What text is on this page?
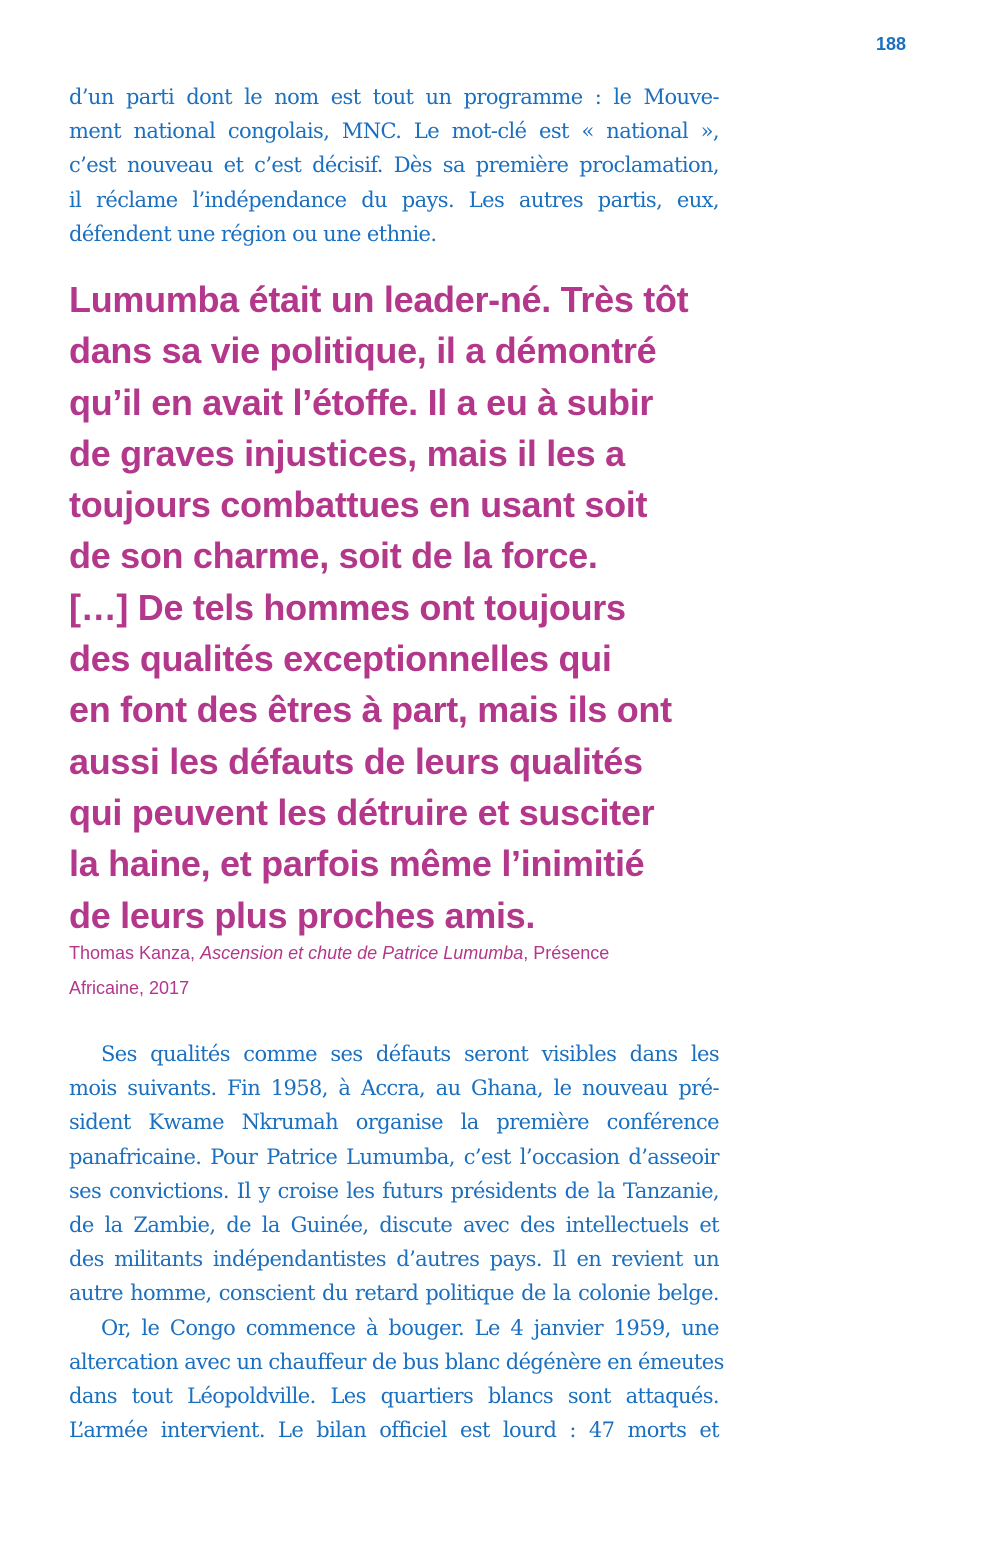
188
d’un parti dont le nom est tout un programme : le Mouve-
ment national congolais, MNC. Le mot-clé est « national »,
c’est nouveau et c’est décisif. Dès sa première proclamation,
il réclame l’indépendance du pays. Les autres partis, eux,
défendent une région ou une ethnie.
Lumumba était un leader-né. Très tôt
dans sa vie politique, il a démontré
qu’il en avait l’étoffe. Il a eu à subir
de graves injustices, mais il les a
toujours combattues en usant soit
de son charme, soit de la force.
[…] De tels hommes ont toujours
des qualités exceptionnelles qui
en font des êtres à part, mais ils ont
aussi les défauts de leurs qualités
qui peuvent les détruire et susciter
la haine, et parfois même l’inimitié
de leurs plus proches amis.
Thomas Kanza, Ascension et chute de Patrice Lumumba, Présence
Africaine, 2017
Ses qualités comme ses défauts seront visibles dans les
mois suivants. Fin 1958, à Accra, au Ghana, le nouveau pré-
sident Kwame Nkrumah organise la première conférence
panafricaine. Pour Patrice Lumumba, c’est l’occasion d’asseoir
ses convictions. Il y croise les futurs présidents de la Tanzanie,
de la Zambie, de la Guinée, discute avec des intellectuels et
des militants indépendantistes d’autres pays. Il en revient un
autre homme, conscient du retard politique de la colonie belge.
Or, le Congo commence à bouger. Le 4 janvier 1959, une
altercation avec un chauffeur de bus blanc dégénère en émeutes
dans tout Léopoldville. Les quartiers blancs sont attaqués.
L’armée intervient. Le bilan officiel est lourd : 47 morts et
